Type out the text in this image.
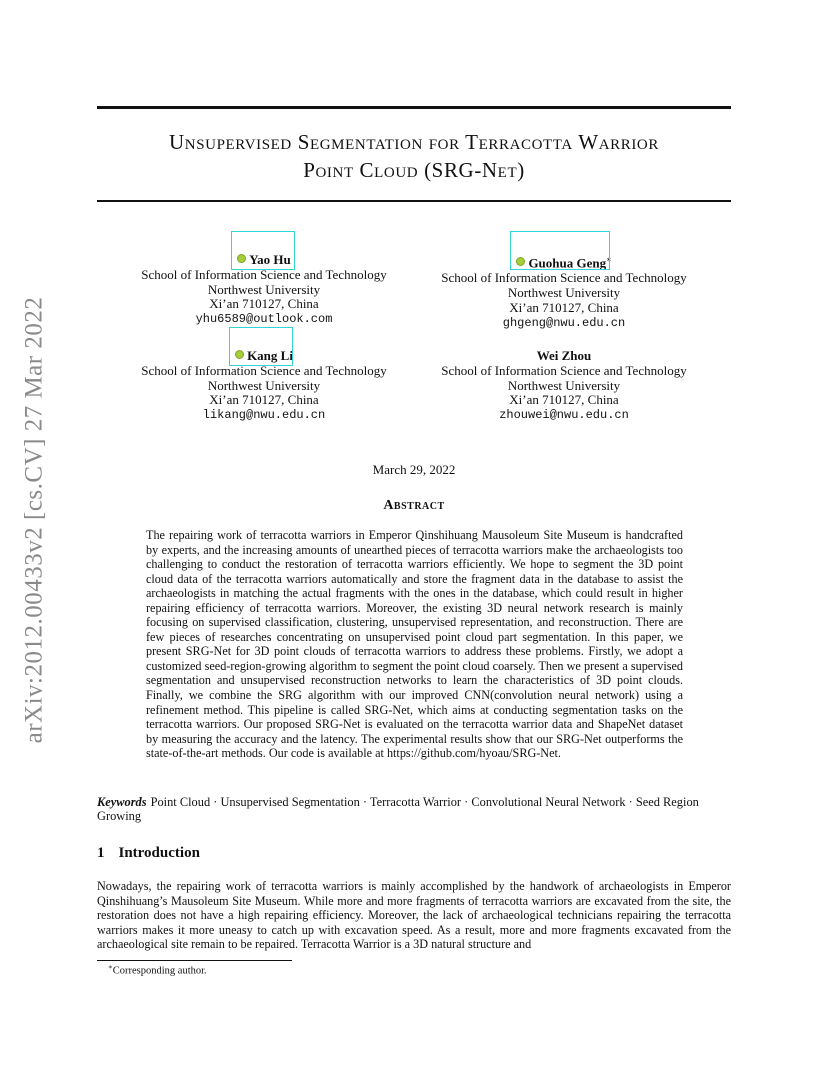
arXiv:2012.00433v2 [cs.CV] 27 Mar 2022
Unsupervised Segmentation for Terracotta Warrior
Point Cloud (SRG-Net)
Yao Hu
School of Information Science and Technology
Northwest University
Xi’an 710127, China
yhu6589@outlook.com
Guohua Geng∗
School of Information Science and Technology
Northwest University
Xi’an 710127, China
ghgeng@nwu.edu.cn
Kang Li
School of Information Science and Technology
Northwest University
Xi’an 710127, China
likang@nwu.edu.cn
Wei Zhou
School of Information Science and Technology
Northwest University
Xi’an 710127, China
zhouwei@nwu.edu.cn
March 29, 2022
Abstract
The repairing work of terracotta warriors in Emperor Qinshihuang Mausoleum Site Museum is handcrafted by experts, and the increasing amounts of unearthed pieces of terracotta warriors make the archaeologists too challenging to conduct the restoration of terracotta warriors efficiently. We hope to segment the 3D point cloud data of the terracotta warriors automatically and store the fragment data in the database to assist the archaeologists in matching the actual fragments with the ones in the database, which could result in higher repairing efficiency of terracotta warriors. Moreover, the existing 3D neural network research is mainly focusing on supervised classification, clustering, unsupervised representation, and reconstruction. There are few pieces of researches concentrating on unsupervised point cloud part segmentation. In this paper, we present SRG-Net for 3D point clouds of terracotta warriors to address these problems. Firstly, we adopt a customized seed-region-growing algorithm to segment the point cloud coarsely. Then we present a supervised segmentation and unsupervised reconstruction networks to learn the characteristics of 3D point clouds. Finally, we combine the SRG algorithm with our improved CNN(convolution neural network) using a refinement method. This pipeline is called SRG-Net, which aims at conducting segmentation tasks on the terracotta warriors. Our proposed SRG-Net is evaluated on the terracotta warrior data and ShapeNet dataset by measuring the accuracy and the latency. The experimental results show that our SRG-Net outperforms the state-of-the-art methods. Our code is available at https://github.com/hyoau/SRG-Net.
Keywords Point Cloud · Unsupervised Segmentation · Terracotta Warrior · Convolutional Neural Network · Seed Region Growing
1 Introduction
Nowadays, the repairing work of terracotta warriors is mainly accomplished by the handwork of archaeologists in Emperor Qinshihuang’s Mausoleum Site Museum. While more and more fragments of terracotta warriors are excavated from the site, the restoration does not have a high repairing efficiency. Moreover, the lack of archaeological technicians repairing the terracotta warriors makes it more uneasy to catch up with excavation speed. As a result, more and more fragments excavated from the archaeological site remain to be repaired. Terracotta Warrior is a 3D natural structure and
∗Corresponding author.
